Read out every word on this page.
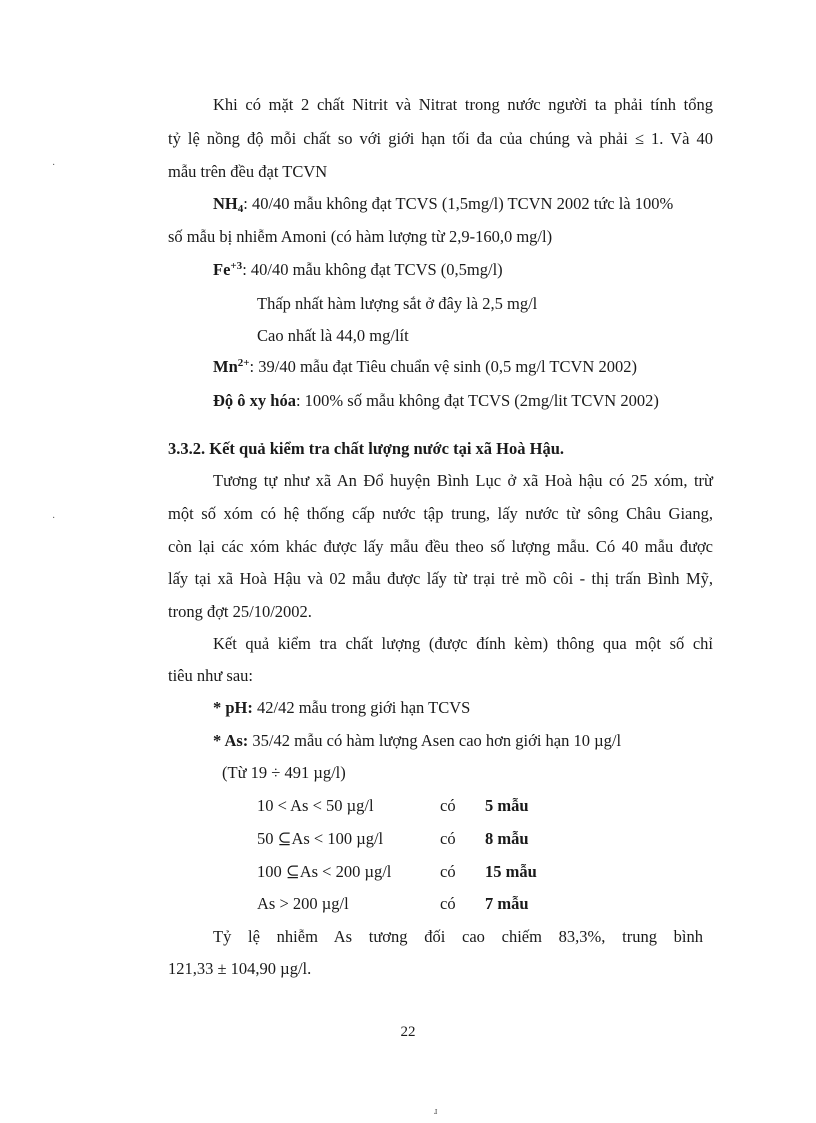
Khi có mặt 2 chất Nitrit và Nitrat trong nước người ta phải tính tổng
tỷ lệ nồng độ mỗi chất so với giới hạn tối đa của chúng và phải ≤ 1. Và 40
mẫu trên đều đạt TCVN
$NH_4$: 40/40 mẫu không đạt TCVS (1,5mg/l) TCVN 2002 tức là 100%
số mẫu bị nhiễm Amoni (có hàm lượng từ 2,9-160,0 mg/l)
$Fe^{+3}$: 40/40 mẫu không đạt TCVS (0,5mg/l)
Thấp nhất hàm lượng sắt ở đây là 2,5 mg/l
Cao nhất là 44,0 mg/lít
$Mn^{2+}$: 39/40 mẫu đạt Tiêu chuẩn vệ sinh (0,5 mg/l TCVN 2002)
Độ ô xy hóa: 100% số mẫu không đạt TCVS (2mg/lit TCVN 2002)
3.3.2. Kết quả kiểm tra chất lượng nước tại xã Hoà Hậu.
Tương tự như xã An Đổ huyện Bình Lục ở xã Hoà hậu có 25 xóm, trừ
một số xóm có hệ thống cấp nước tập trung, lấy nước từ sông Châu Giang,
còn lại các xóm khác được lấy mẫu đều theo số lượng mẫu. Có 40 mẫu được
lấy tại xã Hoà Hậu và 02 mẫu được lấy từ trại trẻ mồ côi - thị trấn Bình Mỹ,
trong đợt 25/10/2002.
Kết quả kiểm tra chất lượng (được đính kèm) thông qua một số chỉ
tiêu như sau:
* pH: 42/42 mẫu trong giới hạn TCVS
* As: 35/42 mẫu có hàm lượng Asen cao hơn giới hạn 10 µg/l
(Từ 19 ÷ 491 µg/l)
10 < As < 50 µg/l	có 5 mẫu
50 ⊆As < 100 µg/l	có 8 mẫu
100 ⊆As < 200 µg/l	có 15 mẫu
As > 200 µg/l	có 7 mẫu
Tỷ lệ nhiễm As tương đối cao chiếm 83,3%, trung bình
121,33 ± 104,90 µg/l.
22
·
·
ɹ
